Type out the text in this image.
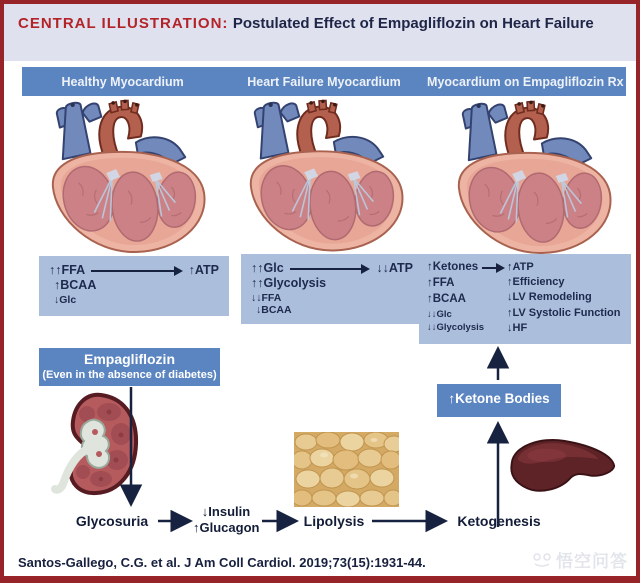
CENTRAL ILLUSTRATION: Postulated Effect of Empagliflozin on Heart Failure
Healthy Myocardium	Heart Failure Myocardium	Myocardium on Empagliflozin Rx
↑↑FFA	↑ATP
↑BCAA
↓Glc
↑↑Glc	↓↓ATP
↑↑Glycolysis
↓↓FFA
↓BCAA
↑Ketones
↑FFA
↑BCAA
↓↓Glc
↓↓Glycolysis
↑ATP
↑Efficiency
↓LV Remodeling
↑LV Systolic Function
↓HF
Empagliflozin
(Even in the absence of diabetes)
↑Ketone Bodies
Glycosuria
↓Insulin
↑Glucagon	Lipolysis	Ketogenesis
Santos-Gallego, C.G. et al. J Am Coll Cardiol. 2019;73(15):1931-44.	悟空问答
